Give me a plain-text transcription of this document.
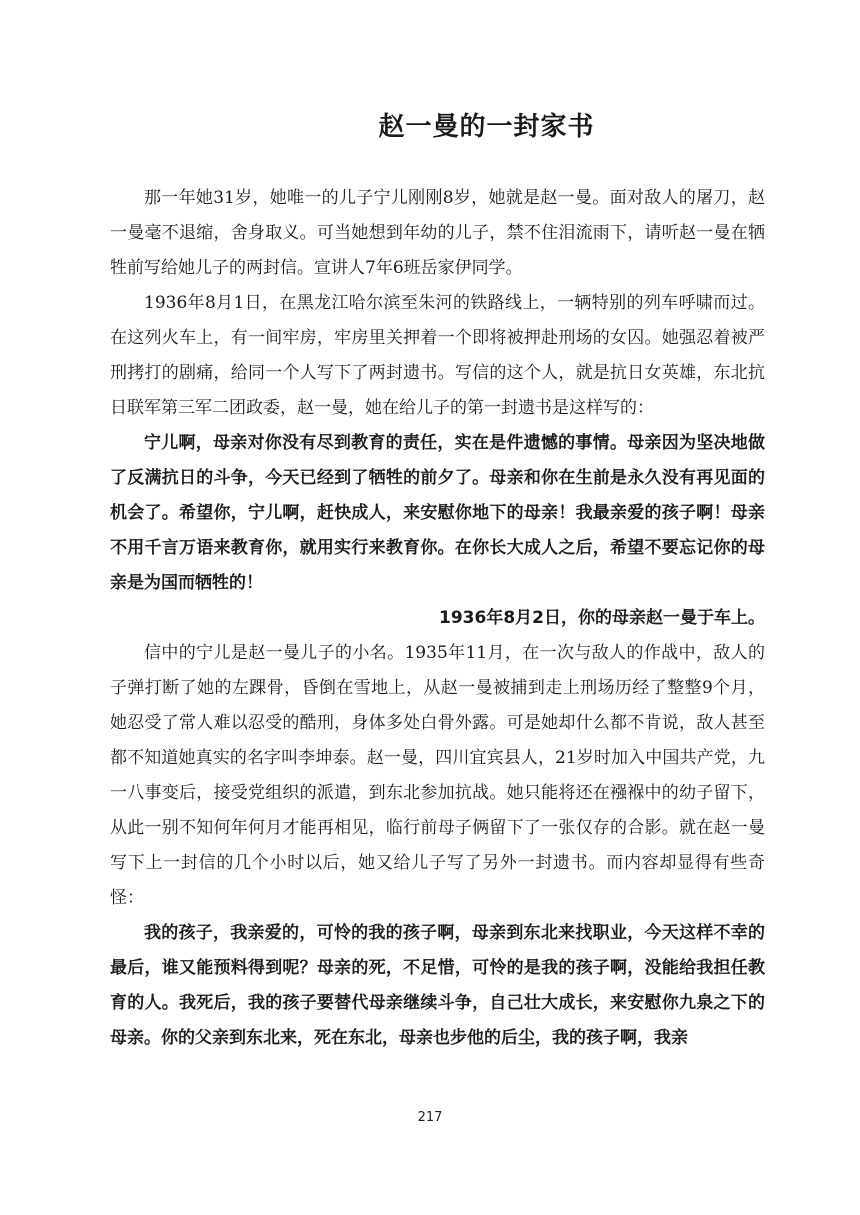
赵一曼的一封家书

那一年她31岁，她唯一的儿子宁儿刚刚8岁，她就是赵一曼。面对敌人的屠刀，赵一曼毫不退缩，舍身取义。可当她想到年幼的儿子，禁不住泪流雨下，请听赵一曼在牺牲前写给她儿子的两封信。宣讲人7年6班岳家伊同学。

1936年8月1日，在黑龙江哈尔滨至朱河的铁路线上，一辆特别的列车呼啸而过。在这列火车上，有一间牢房，牢房里关押着一个即将被押赴刑场的女囚。她强忍着被严刑拷打的剧痛，给同一个人写下了两封遗书。写信的这个人，就是抗日女英雄，东北抗日联军第三军二团政委，赵一曼，她在给儿子的第一封遗书是这样写的：

宁儿啊，母亲对你没有尽到教育的责任，实在是件遗憾的事情。母亲因为坚决地做了反满抗日的斗争，今天已经到了牺牲的前夕了。母亲和你在生前是永久没有再见面的机会了。希望你，宁儿啊，赶快成人，来安慰你地下的母亲！我最亲爱的孩子啊！母亲不用千言万语来教育你，就用实行来教育你。在你长大成人之后，希望不要忘记你的母亲是为国而牺牲的！

1936年8月2日，你的母亲赵一曼于车上。

信中的宁儿是赵一曼儿子的小名。1935年11月，在一次与敌人的作战中，敌人的子弹打断了她的左踝骨，昏倒在雪地上，从赵一曼被捕到走上刑场历经了整整9个月，她忍受了常人难以忍受的酷刑，身体多处白骨外露。可是她却什么都不肯说，敌人甚至都不知道她真实的名字叫李坤泰。赵一曼，四川宜宾县人，21岁时加入中国共产党，九一八事变后，接受党组织的派遣，到东北参加抗战。她只能将还在襁褓中的幼子留下，从此一别不知何年何月才能再相见，临行前母子俩留下了一张仅存的合影。就在赵一曼写下上一封信的几个小时以后，她又给儿子写了另外一封遗书。而内容却显得有些奇怪：

我的孩子，我亲爱的，可怜的我的孩子啊，母亲到东北来找职业，今天这样不幸的最后，谁又能预料得到呢？母亲的死，不足惜，可怜的是我的孩子啊，没能给我担任教育的人。我死后，我的孩子要替代母亲继续斗争，自己壮大成长，来安慰你九泉之下的母亲。你的父亲到东北来，死在东北，母亲也步他的后尘，我的孩子啊，我亲

217
